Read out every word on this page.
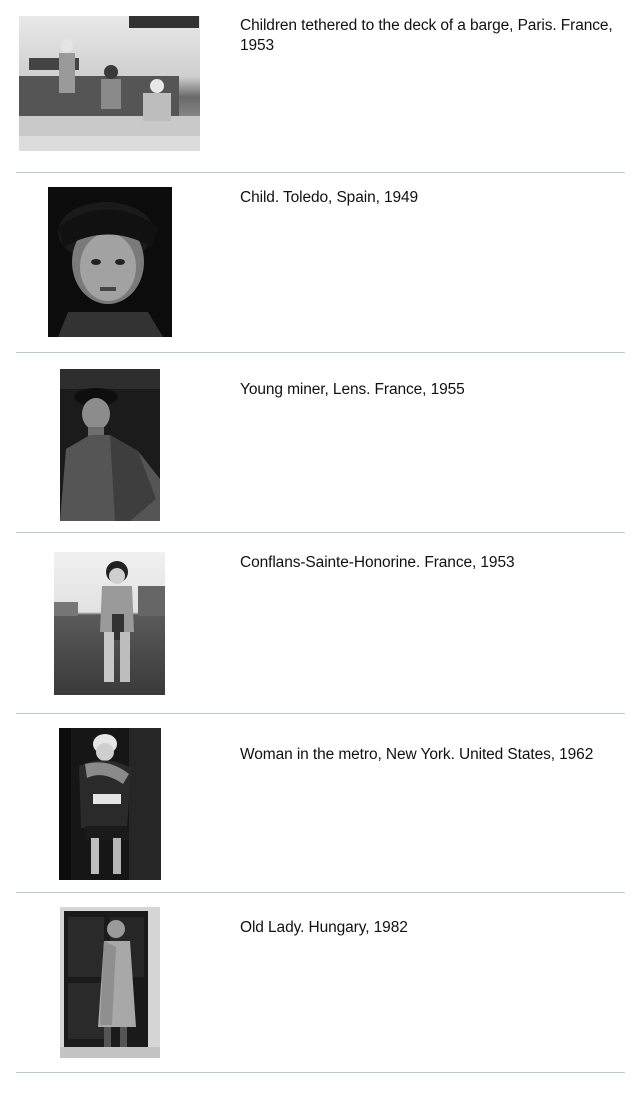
Children tethered to the deck of a barge, Paris. France, 1953
Child. Toledo, Spain, 1949
Young miner, Lens. France, 1955
Conflans-Sainte-Honorine. France, 1953
Woman in the metro, New York. United States, 1962
Old Lady. Hungary, 1982
